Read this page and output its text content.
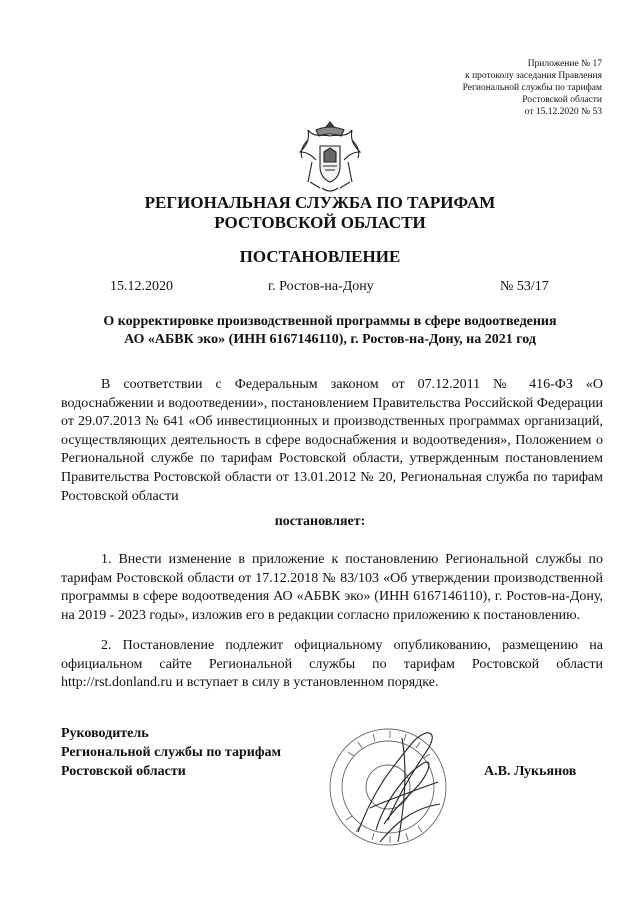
Приложение № 17
к протоколу заседания Правления
Региональной службы по тарифам
Ростовской области
от 15.12.2020 № 53
РЕГИОНАЛЬНАЯ СЛУЖБА ПО ТАРИФАМ
РОСТОВСКОЙ ОБЛАСТИ
ПОСТАНОВЛЕНИЕ
15.12.2020	г. Ростов-на-Дону	№ 53/17
О корректировке производственной программы в сфере водоотведения
АО «АБВК эко» (ИНН 6167146110), г. Ростов-на-Дону, на 2021 год
В соответствии с Федеральным законом от 07.12.2011 № 416-ФЗ «О водоснабжении и водоотведении», постановлением Правительства Российской Федерации от 29.07.2013 № 641 «Об инвестиционных и производственных программах организаций, осуществляющих деятельность в сфере водоснабжения и водоотведения», Положением о Региональной службе по тарифам Ростовской области, утвержденным постановлением Правительства Ростовской области от 13.01.2012 № 20, Региональная служба по тарифам Ростовской области
постановляет:
1. Внести изменение в приложение к постановлению Региональной службы по тарифам Ростовской области от 17.12.2018 № 83/103 «Об утверждении производственной программы в сфере водоотведения АО «АБВК эко» (ИНН 6167146110), г. Ростов-на-Дону, на 2019 - 2023 годы», изложив его в редакции согласно приложению к постановлению.
2. Постановление подлежит официальному опубликованию, размещению на официальном сайте Региональной службы по тарифам Ростовской области http://rst.donland.ru и вступает в силу в установленном порядке.
Руководитель
Региональной службы по тарифам
Ростовской области	А.В. Лукьянов
